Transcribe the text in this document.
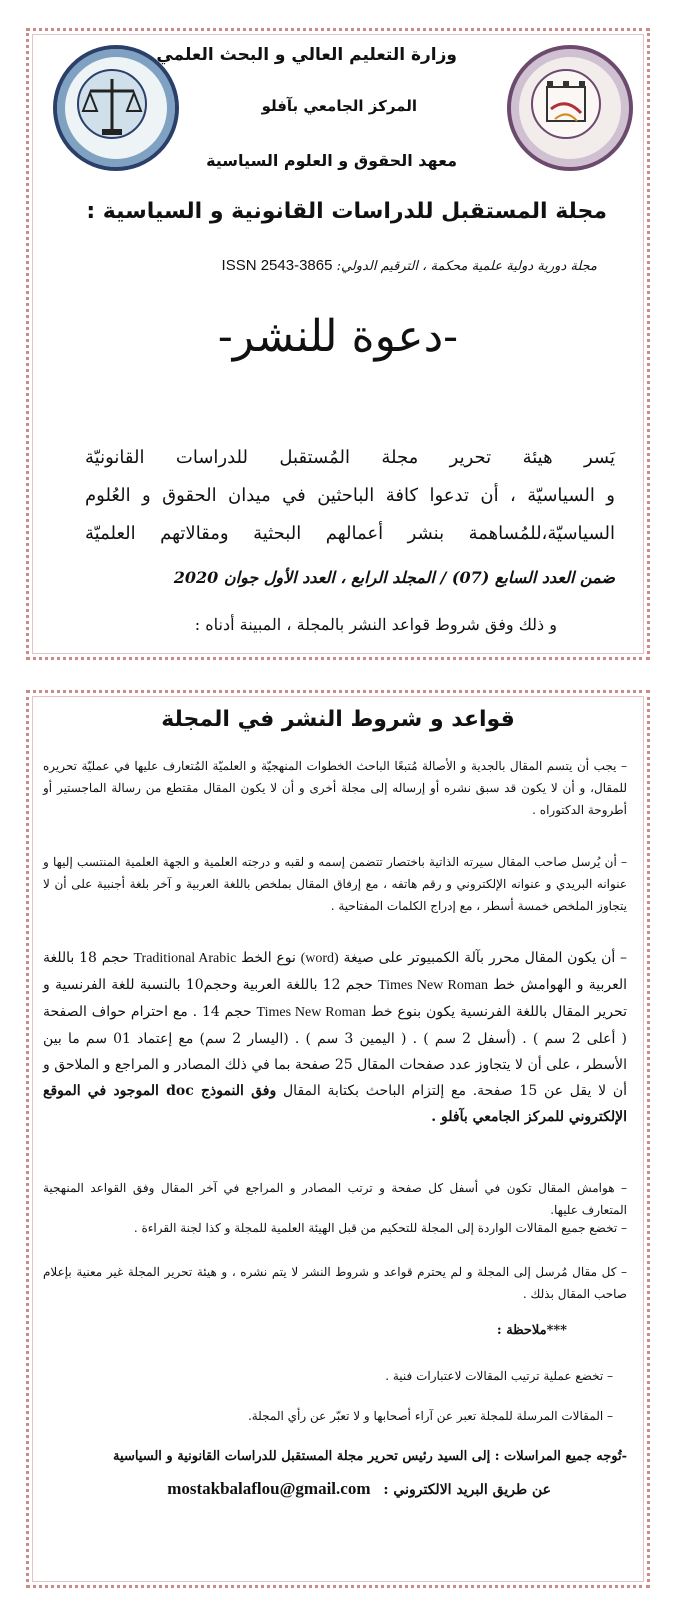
وزارة التعليم العالي و البحث العلمي
المركز الجامعي بآفلو
معهد الحقوق و العلوم السياسية
مجلة المستقبل للدراسات القانونية و السياسية :
مجلة دورية دولية علمية محكمة ، الترقيم الدولي: ISSN 2543-3865
-دعوة للنشر-
يَسر هيئة تحرير مجلة المُستقبل للدراسات القانونيّة
و السياسيّة ، أن تدعوا كافة الباحثين في ميدان الحقوق و العُلوم
السياسيّة،للمُساهمة بنشر أعمالهم البحثية ومقالاتهم العلميّة
ضمن العدد السابع (07) / المجلد الرابع ، العدد الأول جوان 2020
و ذلك وفق شروط قواعد النشر بالمجلة ، المبينة أدناه :
قواعد و شروط النشر في المجلة
– يجب أن يتسم المقال بالجدية و الأصالة مُتبعًا الباحث الخطوات المنهجيّة و العلميّة المُتعارف عليها في عمليّة تحريره للمقال، و أن لا يكون قد سبق نشره أو إرساله إلى مجلة أخرى و أن لا يكون المقال مقتطع من رسالة الماجستير أو أطروحة الدكتوراه .
– أن يُرسل صاحب المقال سيرته الذاتية باختصار تتضمن إسمه و لقبه و درجته العلمية و الجهة العلمية المنتسب إليها و عنوانه البريدي و عنوانه الإلكتروني و رقم هاتفه ، مع إرفاق المقال بملخص باللغة العربية و آخر بلغة أجنبية على أن لا يتجاوز الملخص خمسة أسطر ، مع إدراج الكلمات المفتاحية .
– أن يكون المقال محرر بآلة الكمبيوتر على صيغة (word) نوع الخط Traditional Arabic حجم 18 باللغة العربية و الهوامش خط Times New Roman حجم 12 باللغة العربية وحجم10 بالنسبة للغة الفرنسية و تحرير المقال باللغة الفرنسية يكون بنوع خط Times New Roman حجم 14 . مع احترام حواف الصفحة ( أعلى 2 سم ) . (أسفل 2 سم ) . ( اليمين 3 سم ) . (اليسار 2 سم) مع إعتماد 01 سم ما بين الأسطر ، على أن لا يتجاوز عدد صفحات المقال 25 صفحة بما في ذلك المصادر و المراجع و الملاحق و أن لا يقل عن 15 صفحة. مع إلتزام الباحث بكتابة المقال وفق النموذج doc الموجود في الموقع الإلكتروني للمركز الجامعي بآفلو .
– هوامش المقال تكون في أسفل كل صفحة و ترتب المصادر و المراجع في آخر المقال وفق القواعد المنهجية المتعارف عليها.
– تخضع جميع المقالات الواردة إلى المجلة للتحكيم من قبل الهيئة العلمية للمجلة و كذا لجنة القراءة .
– كل مقال مُرسل إلى المجلة و لم يحترم قواعد و شروط النشر لا يتم نشره ، و هيئة تحرير المجلة غير معنية بإعلام صاحب المقال بذلك .
***ملاحظة :
– تخضع عملية ترتيب المقالات لاعتبارات فنية .
– المقالات المرسلة للمجلة تعبر عن آراء أصحابها و لا تعبّر عن رأي المجلة.
-تُوجه جميع المراسلات : إلى السيد رئيس تحرير مجلة المستقبل للدراسات القانونية و السياسية
عن طريق البريد الالكتروني : mostakbalaflou@gmail.com
